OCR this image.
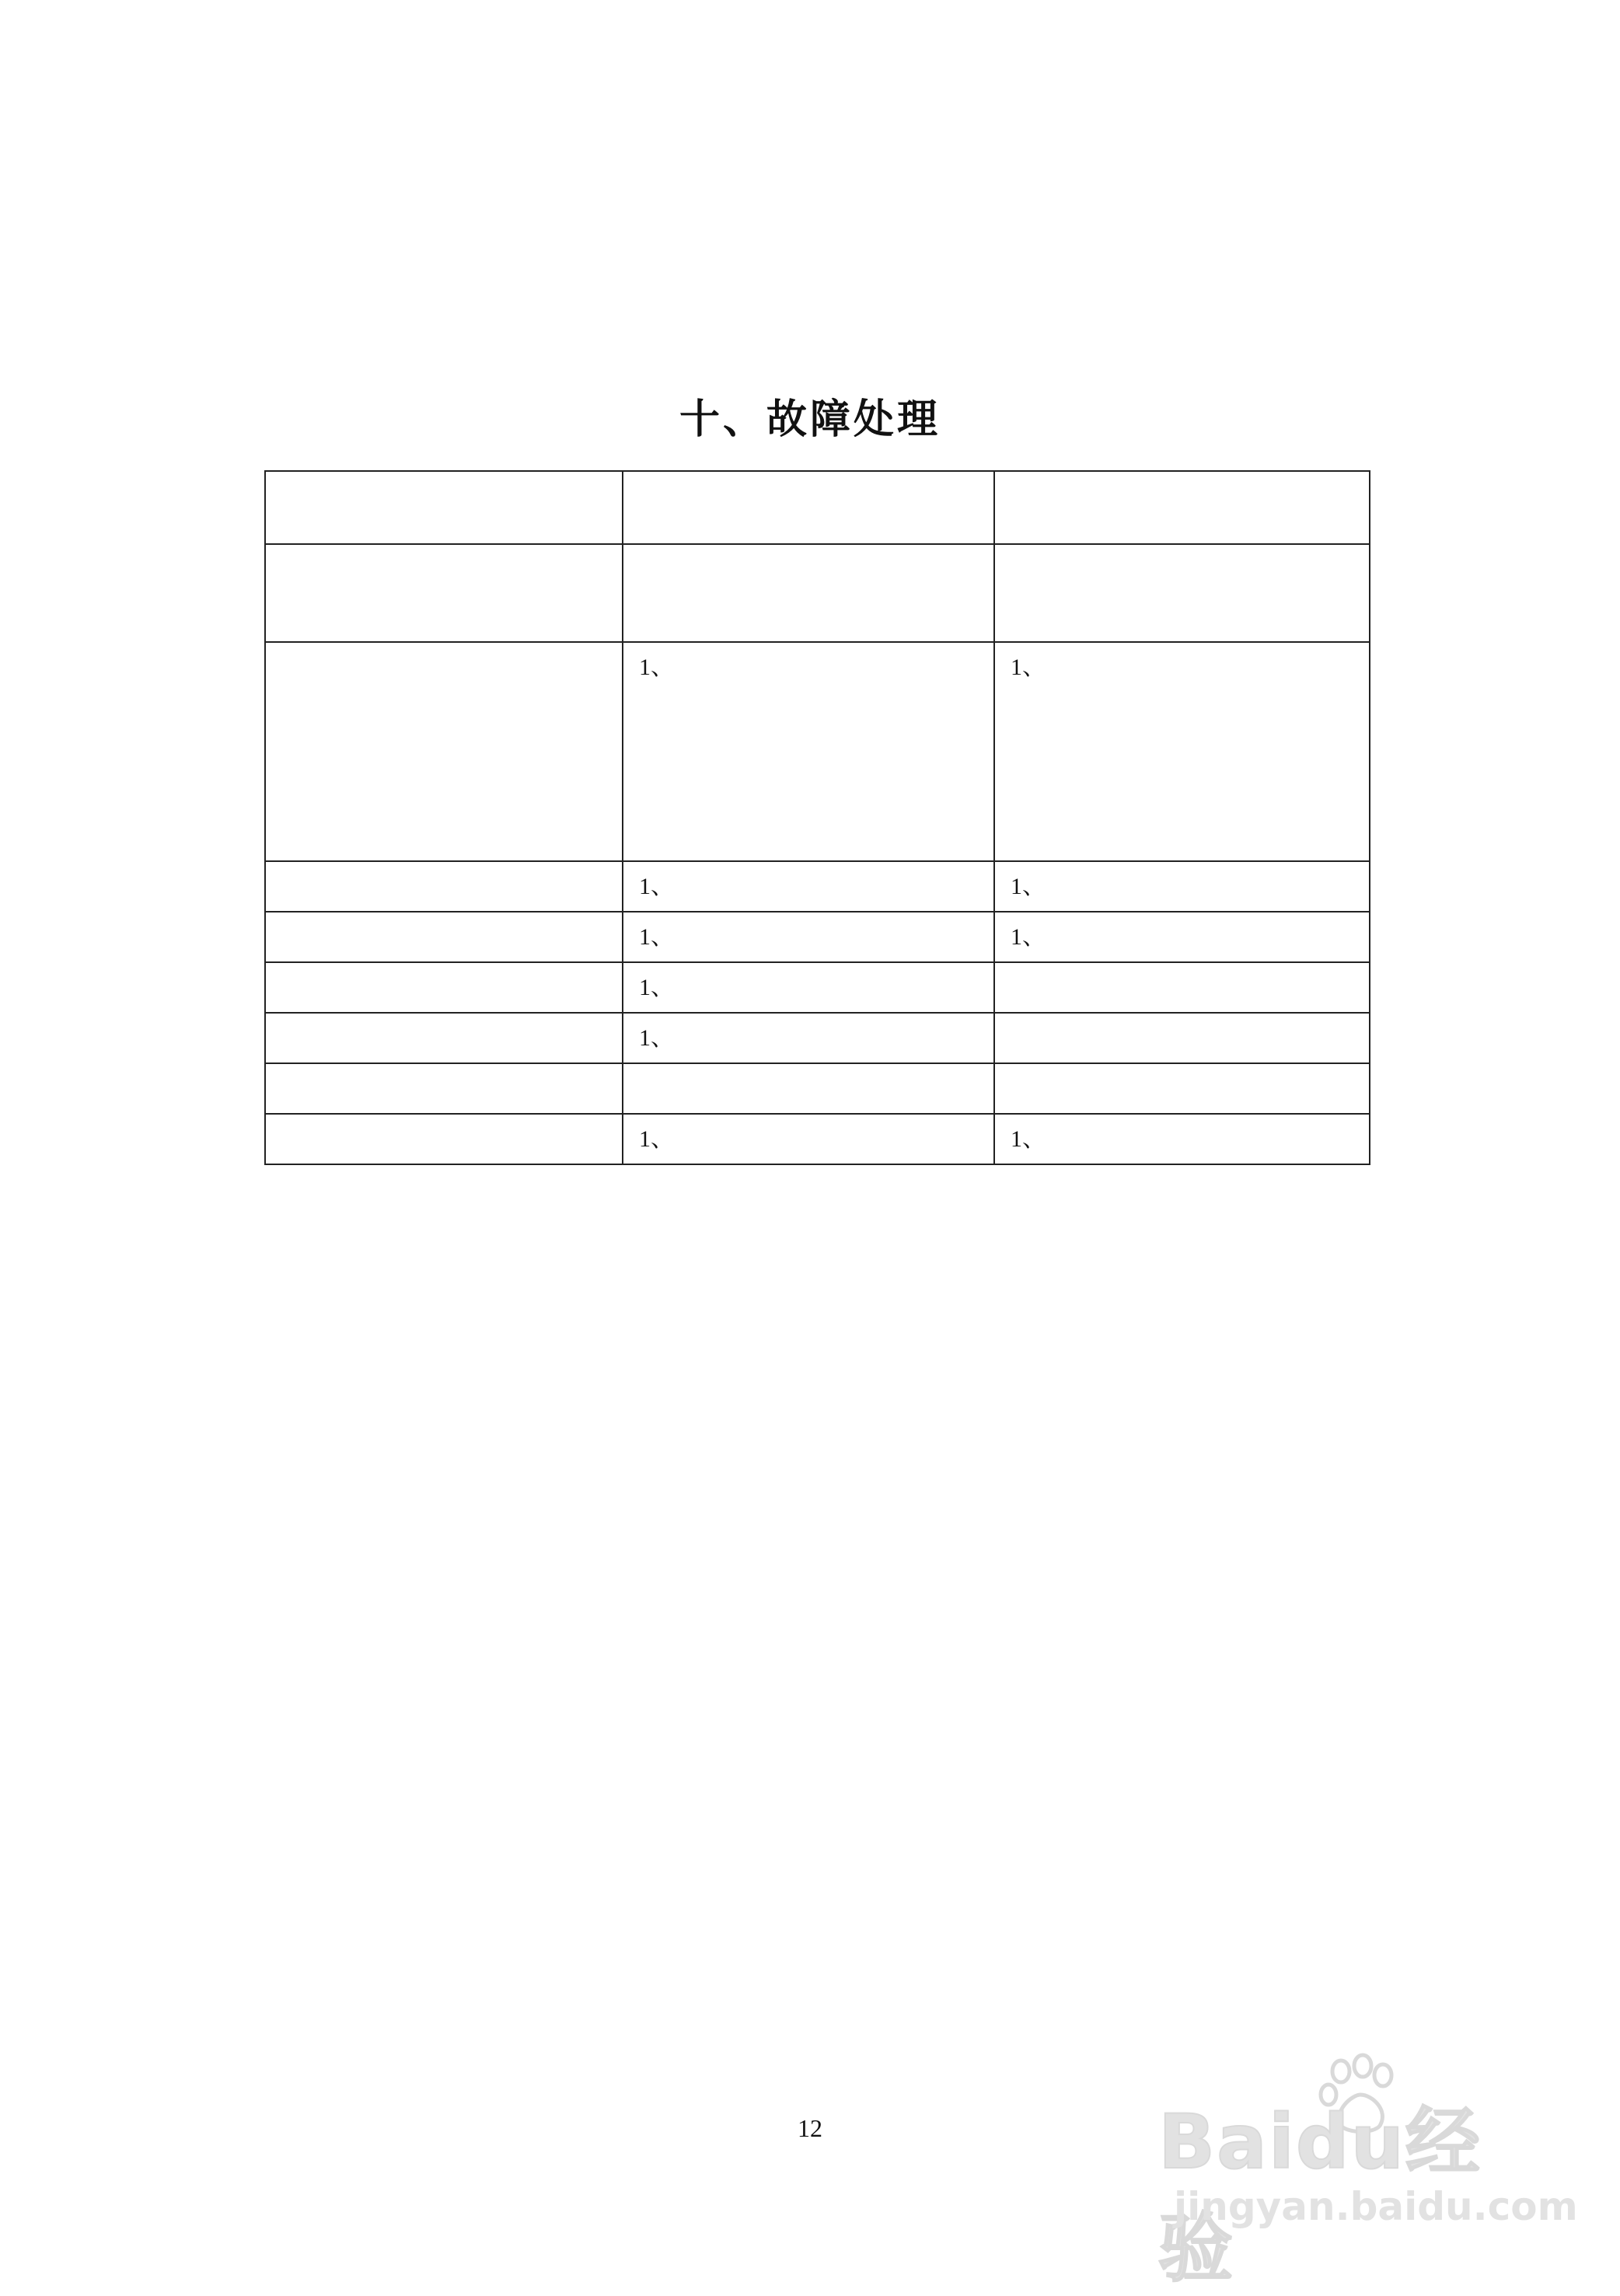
十、故障处理

	1、	1、

	1、	1、

	1、	1、

	1、	

	1、	

	1、	1、
12	Baidu经验
jingyan.baidu.com
